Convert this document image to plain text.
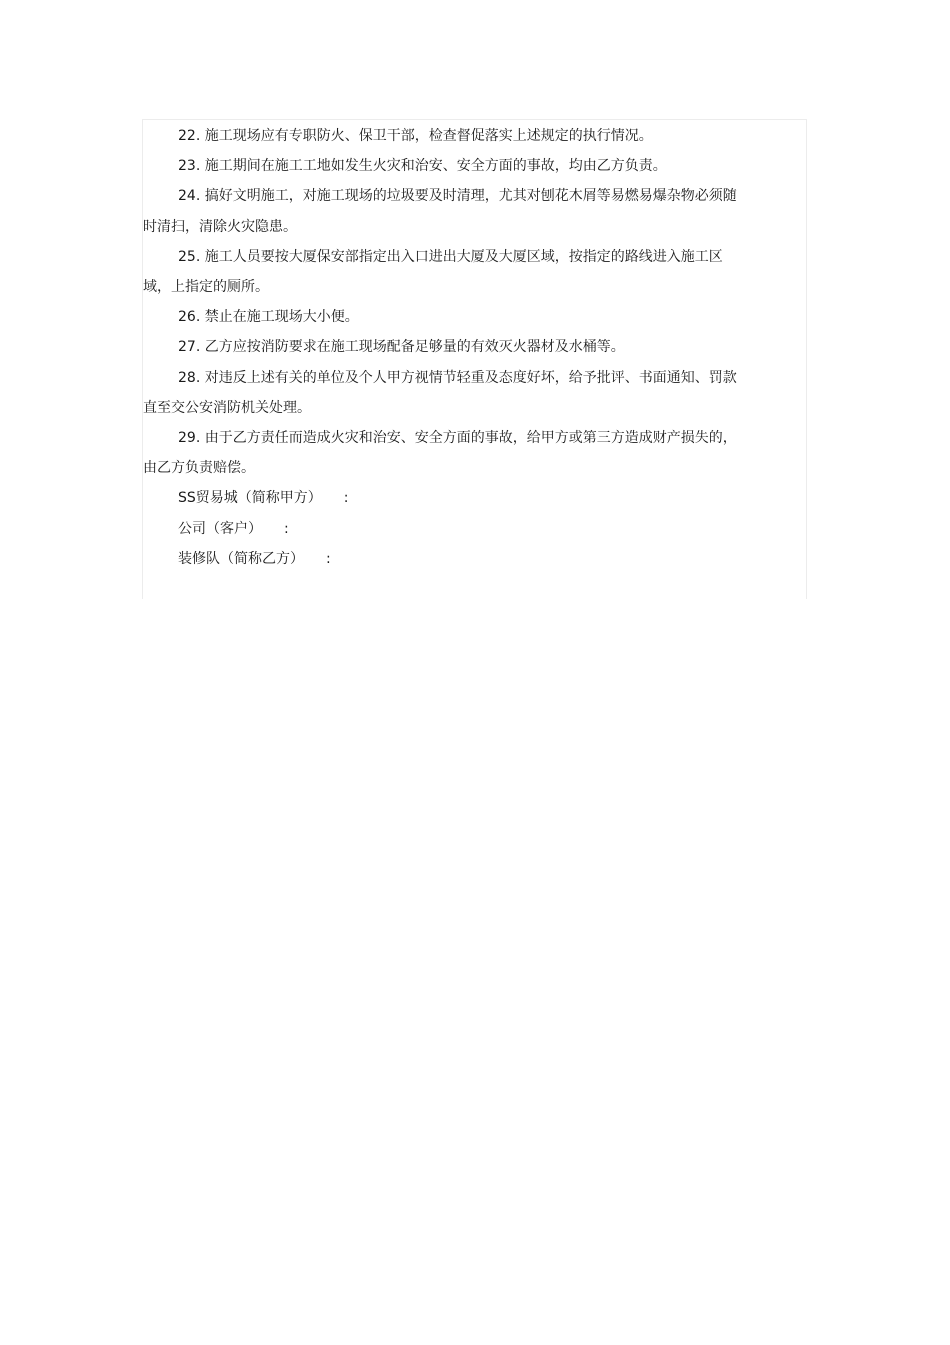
22. 施工现场应有专职防火、保卫干部，检查督促落实上述规定的执行情况。

23. 施工期间在施工工地如发生火灾和治安、安全方面的事故，均由乙方负责。

24. 搞好文明施工，对施工现场的垃圾要及时清理，尤其对刨花木屑等易燃易爆杂物必须随时清扫，清除火灾隐患。

25. 施工人员要按大厦保安部指定出入口进出大厦及大厦区域，按指定的路线进入施工区域，上指定的厕所。

26. 禁止在施工现场大小便。

27. 乙方应按消防要求在施工现场配备足够量的有效灭火器材及水桶等。

28. 对违反上述有关的单位及个人甲方视情节轻重及态度好坏，给予批评、书面通知、罚款直至交公安消防机关处理。

29. 由于乙方责任而造成火灾和治安、安全方面的事故，给甲方或第三方造成财产损失的，由乙方负责赔偿。

SS贸易城（简称甲方） :

公司（客户） :

装修队（简称乙方） :
